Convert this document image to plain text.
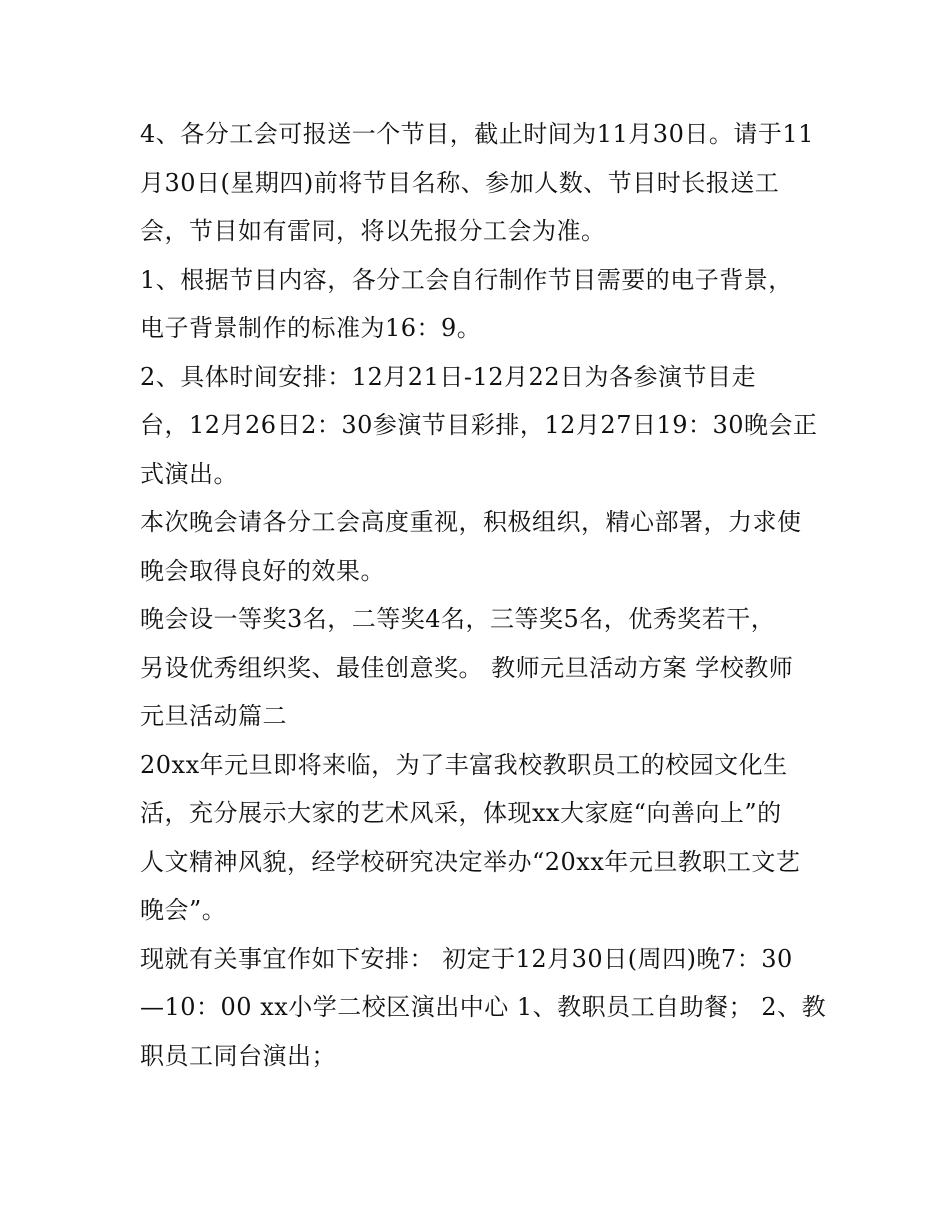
4、各分工会可报送一个节目，截止时间为11月30日。请于11
月30日(星期四)前将节目名称、参加人数、节目时长报送工
会，节目如有雷同，将以先报分工会为准。
1、根据节目内容，各分工会自行制作节目需要的电子背景，
电子背景制作的标准为16：9。
2、具体时间安排：12月21日-12月22日为各参演节目走
台，12月26日2：30参演节目彩排，12月27日19：30晚会正
式演出。
本次晚会请各分工会高度重视，积极组织，精心部署，力求使
晚会取得良好的效果。
晚会设一等奖3名，二等奖4名，三等奖5名，优秀奖若干，
另设优秀组织奖、最佳创意奖。 教师元旦活动方案 学校教师
元旦活动篇二
20xx年元旦即将来临，为了丰富我校教职员工的校园文化生
活，充分展示大家的艺术风采，体现xx大家庭“向善向上”的
人文精神风貌，经学校研究决定举办“20xx年元旦教职工文艺
晚会”。
现就有关事宜作如下安排： 初定于12月30日(周四)晚7：30
—10：00 xx小学二校区演出中心 1、教职员工自助餐； 2、教
职员工同台演出；
